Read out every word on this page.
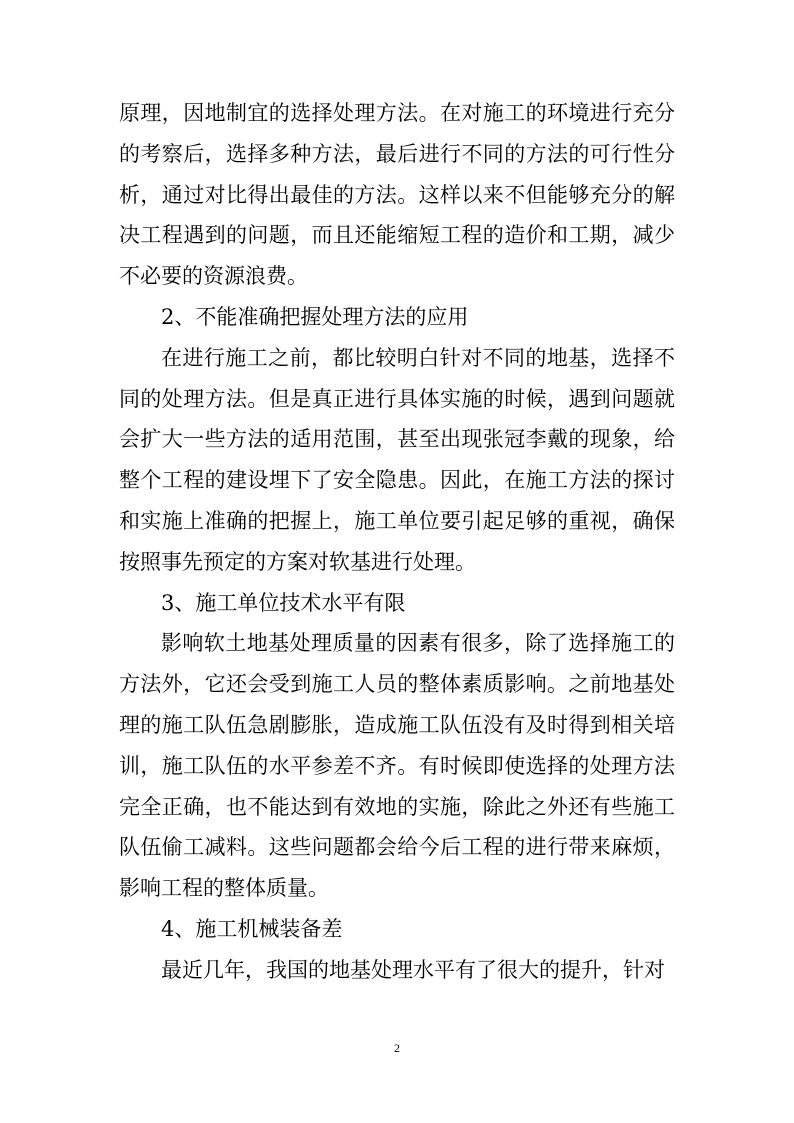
原理，因地制宜的选择处理方法。在对施工的环境进行充分的考察后，选择多种方法，最后进行不同的方法的可行性分析，通过对比得出最佳的方法。这样以来不但能够充分的解决工程遇到的问题，而且还能缩短工程的造价和工期，减少不必要的资源浪费。

2、不能准确把握处理方法的应用

在进行施工之前，都比较明白针对不同的地基，选择不同的处理方法。但是真正进行具体实施的时候，遇到问题就会扩大一些方法的适用范围，甚至出现张冠李戴的现象，给整个工程的建设埋下了安全隐患。因此，在施工方法的探讨和实施上准确的把握上，施工单位要引起足够的重视，确保按照事先预定的方案对软基进行处理。

3、施工单位技术水平有限

影响软土地基处理质量的因素有很多，除了选择施工的方法外，它还会受到施工人员的整体素质影响。之前地基处理的施工队伍急剧膨胀，造成施工队伍没有及时得到相关培训，施工队伍的水平参差不齐。有时候即使选择的处理方法完全正确，也不能达到有效地的实施，除此之外还有些施工队伍偷工减料。这些问题都会给今后工程的进行带来麻烦，影响工程的整体质量。

4、施工机械装备差

最近几年，我国的地基处理水平有了很大的提升，针对

2
